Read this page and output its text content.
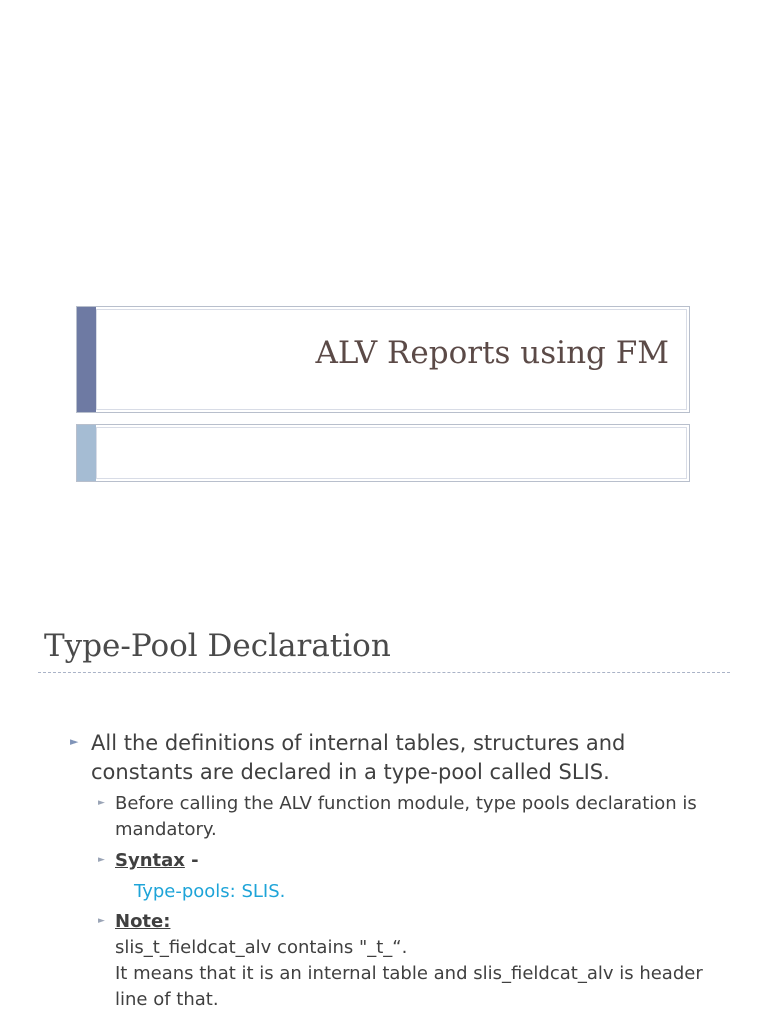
ALV Reports using FM
Type-Pool Declaration
► All the definitions of internal tables, structures and constants are declared in a type-pool called SLIS.
► Before calling the ALV function module, type pools declaration is mandatory.
► Syntax -
Type-pools: SLIS.
► Note:
slis_t_fieldcat_alv contains "_t_“.
It means that it is an internal table and slis_fieldcat_alv is header line of that.
